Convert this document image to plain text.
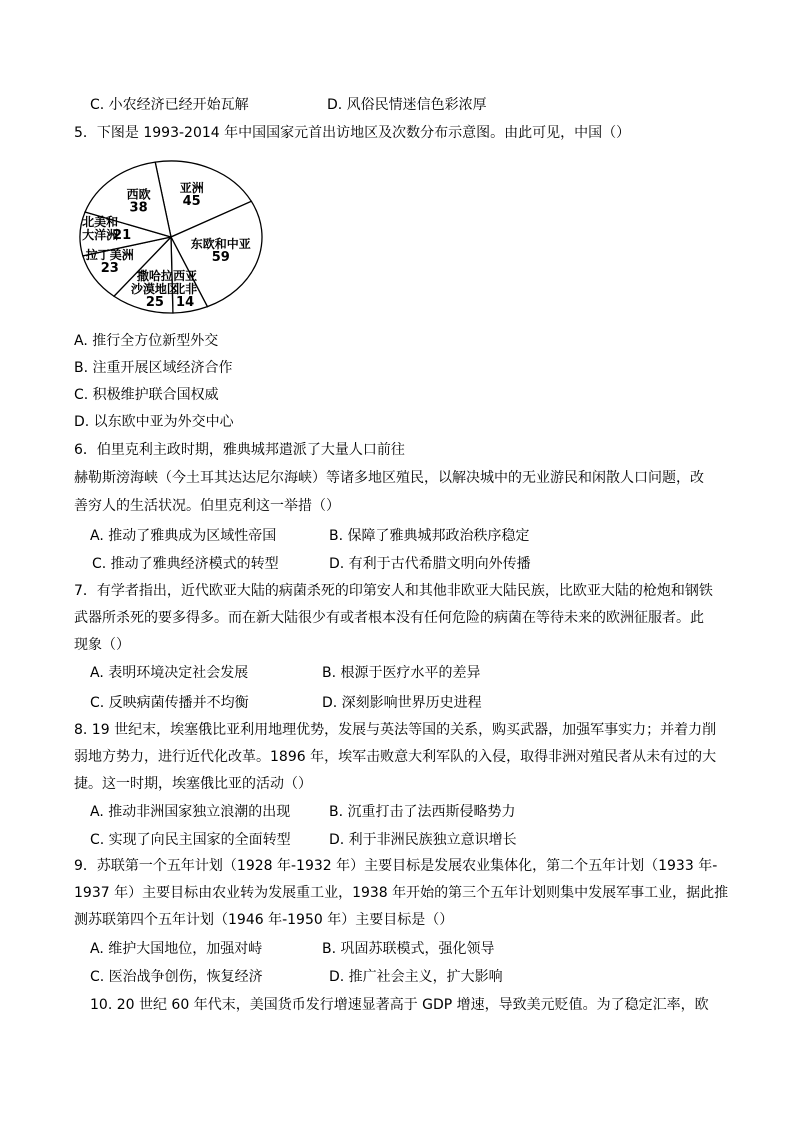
C. 小农经济已经开始瓦解	D. 风俗民情迷信色彩浓厚
5．下图是 1993-2014 年中国国家元首出访地区及次数分布示意图。由此可见，中国（）
亚洲
45
东欧和中亚
59
西亚
北非
14
撒哈拉
沙漠地区
25
拉丁美洲
23
北美和
大洋洲
21
西欧
38
A. 推行全方位新型外交
B. 注重开展区域经济合作
C. 积极维护联合国权威
D. 以东欧中亚为外交中心
6．伯里克利主政时期，雅典城邦遣派了大量人口前往
赫勒斯滂海峡（今土耳其达达尼尔海峡）等诸多地区殖民，以解决城中的无业游民和闲散人口问题，改
善穷人的生活状况。伯里克利这一举措（）
A. 推动了雅典成为区域性帝国	B. 保障了雅典城邦政治秩序稳定
C. 推动了雅典经济模式的转型	D. 有利于古代希腊文明向外传播
7．有学者指出，近代欧亚大陆的病菌杀死的印第安人和其他非欧亚大陆民族，比欧亚大陆的枪炮和钢铁
武器所杀死的要多得多。而在新大陆很少有或者根本没有任何危险的病菌在等待未来的欧洲征服者。此
现象（）
A. 表明环境决定社会发展	B. 根源于医疗水平的差异
C. 反映病菌传播并不均衡	D. 深刻影响世界历史进程
8. 19 世纪末，埃塞俄比亚利用地理优势，发展与英法等国的关系，购买武器，加强军事实力；并着力削
弱地方势力，进行近代化改革。1896 年，埃军击败意大利军队的入侵，取得非洲对殖民者从未有过的大
捷。这一时期，埃塞俄比亚的活动（）
A. 推动非洲国家独立浪潮的出现	B. 沉重打击了法西斯侵略势力
C. 实现了向民主国家的全面转型	D. 利于非洲民族独立意识增长
9．苏联第一个五年计划（1928 年-1932 年）主要目标是发展农业集体化，第二个五年计划（1933 年-
1937 年）主要目标由农业转为发展重工业，1938 年开始的第三个五年计划则集中发展军事工业，据此推
测苏联第四个五年计划（1946 年-1950 年）主要目标是（）
A. 维护大国地位，加强对峙	B. 巩固苏联模式，强化领导
C. 医治战争创伤，恢复经济	D. 推广社会主义，扩大影响
10. 20 世纪 60 年代末，美国货币发行增速显著高于 GDP 增速，导致美元贬值。为了稳定汇率，欧
